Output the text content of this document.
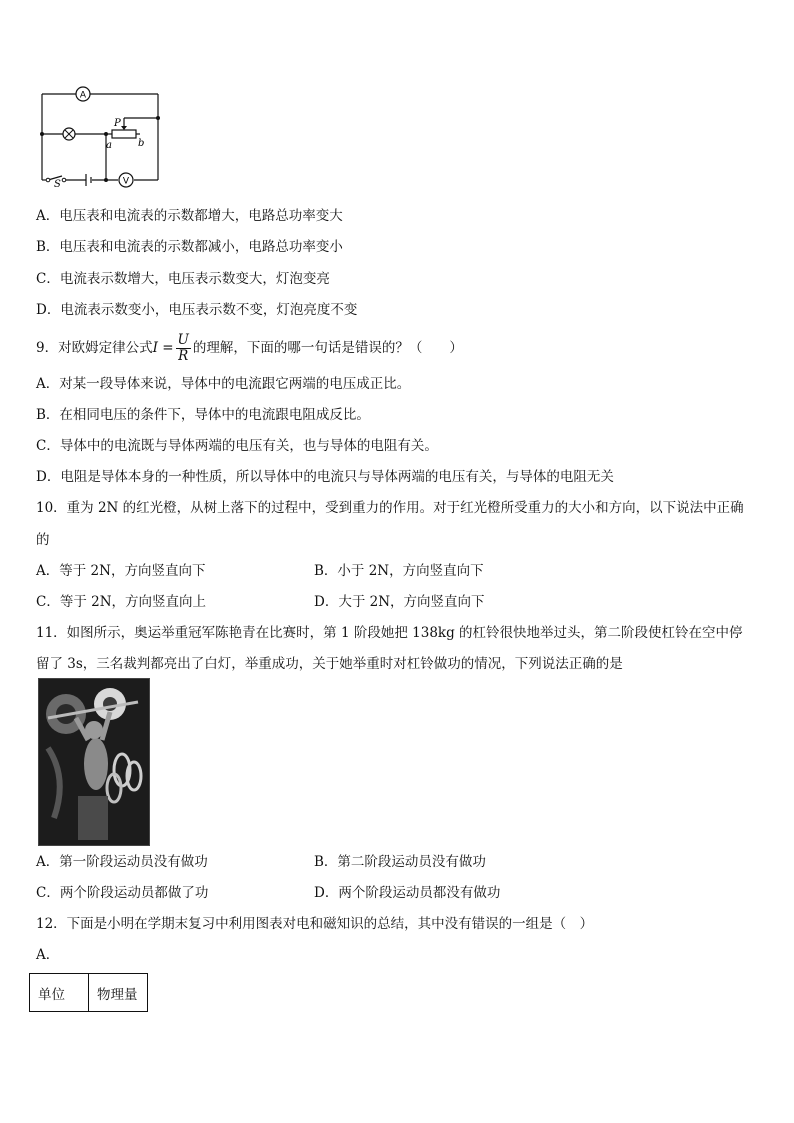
A
V
P
a	b
S
A．电压表和电流表的示数都增大，电路总功率变大
B．电压表和电流表的示数都减小，电路总功率变小
C．电流表示数增大，电压表示数变大，灯泡变亮
D．电流表示数变小，电压表示数不变，灯泡亮度不变
9．对欧姆定律公式$I = \frac{U}{R}$ 的理解，下面的哪一句话是错误的？（　　）
A．对某一段导体来说，导体中的电流跟它两端的电压成正比。
B．在相同电压的条件下，导体中的电流跟电阻成反比。
C．导体中的电流既与导体两端的电压有关，也与导体的电阻有关。
D．电阻是导体本身的一种性质，所以导体中的电流只与导体两端的电压有关，与导体的电阻无关
10．重为 2N 的红光橙，从树上落下的过程中，受到重力的作用。对于红光橙所受重力的大小和方向，以下说法中正确
的
A．等于 2N，方向竖直向下	B．小于 2N，方向竖直向下
C．等于 2N，方向竖直向上	D．大于 2N，方向竖直向下
11．如图所示，奥运举重冠军陈艳青在比赛时，第 1 阶段她把 138kg 的杠铃很快地举过头，第二阶段使杠铃在空中停
留了 3s，三名裁判都亮出了白灯，举重成功，关于她举重时对杠铃做功的情况，下列说法正确的是
A．第一阶段运动员没有做功	B．第二阶段运动员没有做功
C．两个阶段运动员都做了功	D．两个阶段运动员都没有做功
12．下面是小明在学期末复习中利用图表对电和磁知识的总结，其中没有错误的一组是（　）
A．
单位	物理量
